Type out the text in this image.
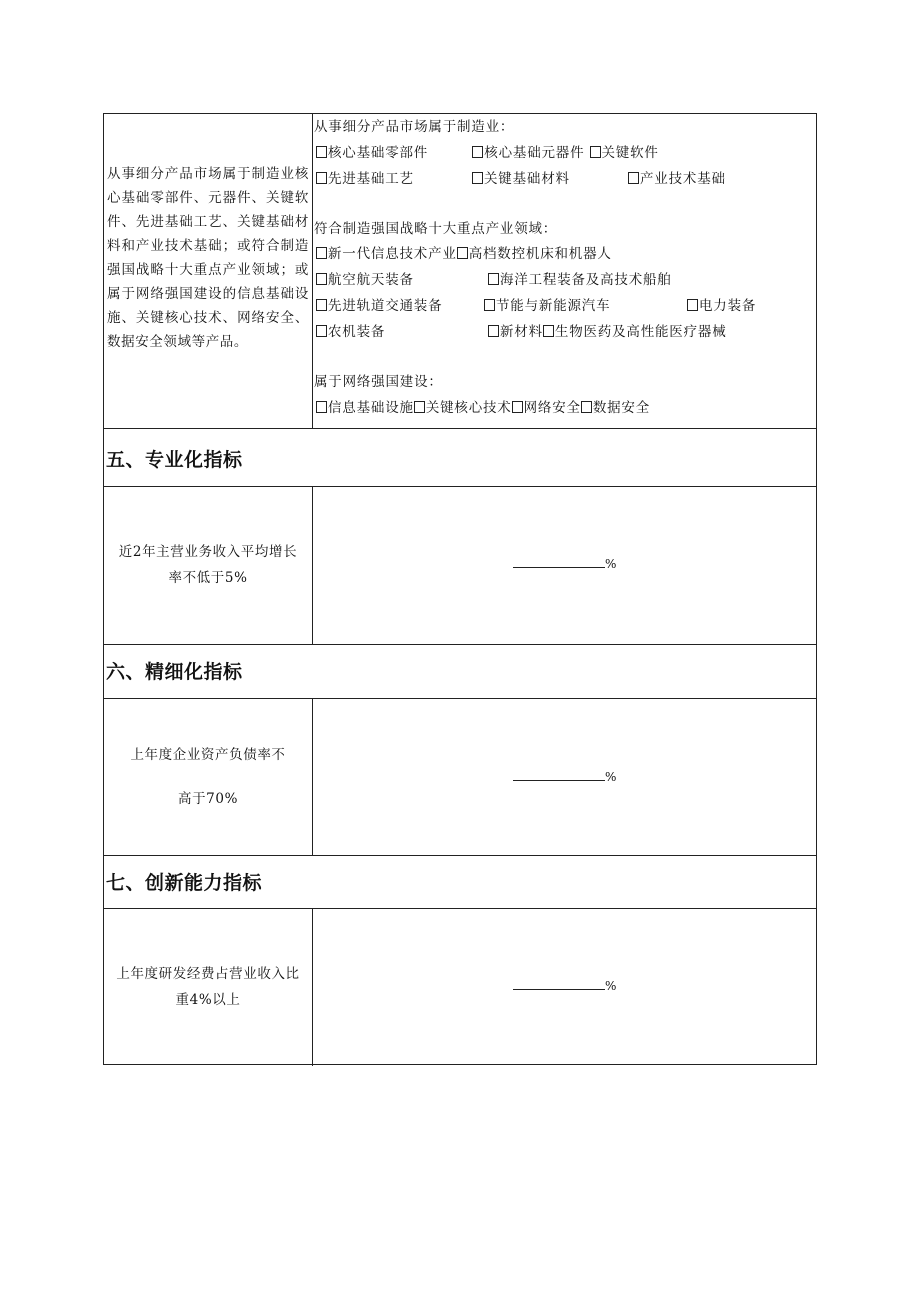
从事细分产品市场属于制造业核心基础零部件、元器件、关键软件、先进基础工艺、关键基础材料和产业技术基础；或符合制造强国战略十大重点产业领域；或属于网络强国建设的信息基础设施、关键核心技术、网络安全、数据安全领域等产品。
从事细分产品市场属于制造业：
核心基础零部件	核心基础元器件 关键软件
先进基础工艺	关键基础材料	产业技术基础
符合制造强国战略十大重点产业领域：
新一代信息技术产业 高档数控机床和机器人
航空航天装备	海洋工程装备及高技术船舶
先进轨道交通装备	节能与新能源汽车	电力装备
农机装备	新材料 生物医药及高性能医疗器械
属于网络强国建设：
信息基础设施 关键核心技术 网络安全 数据安全
五、专业化指标
近2年主营业务收入平均增长
率不低于5%
%
六、精细化指标
上年度企业资产负债率不
高于70%
%
七、创新能力指标
上年度研发经费占营业收入比
重4%以上
%
